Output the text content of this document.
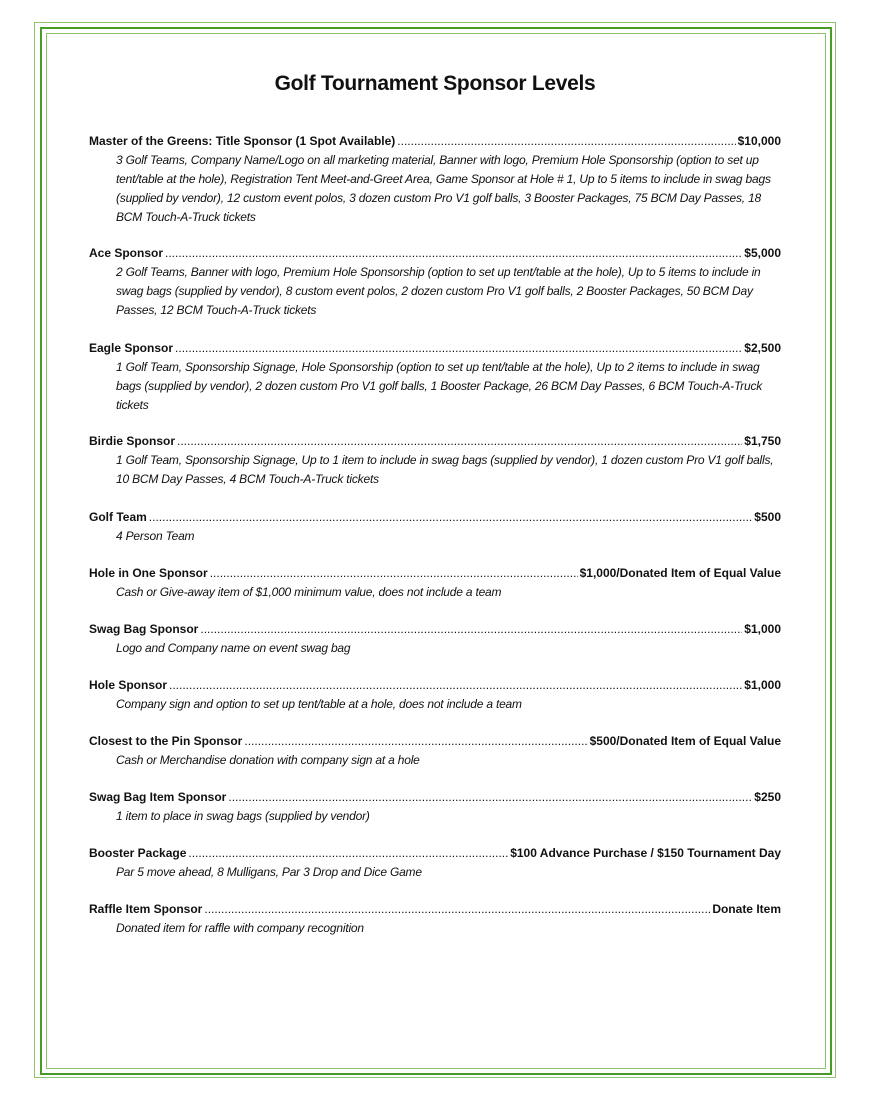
Golf Tournament Sponsor Levels
Master of the Greens: Title Sponsor (1 Spot Available) .....	$10,000
3 Golf Teams, Company Name/Logo on all marketing material, Banner with logo, Premium Hole Sponsorship (option to set up tent/table at the hole), Registration Tent Meet-and-Greet Area, Game Sponsor at Hole # 1, Up to 5 items to include in swag bags (supplied by vendor), 12 custom event polos, 3 dozen custom Pro V1 golf balls, 3 Booster Packages, 75 BCM Day Passes, 18 BCM Touch-A-Truck tickets
Ace Sponsor .....	$5,000
2 Golf Teams, Banner with logo, Premium Hole Sponsorship (option to set up tent/table at the hole), Up to 5 items to include in swag bags (supplied by vendor), 8 custom event polos, 2 dozen custom Pro V1 golf balls, 2 Booster Packages, 50 BCM Day Passes, 12 BCM Touch-A-Truck tickets
Eagle Sponsor .....	$2,500
1 Golf Team, Sponsorship Signage, Hole Sponsorship (option to set up tent/table at the hole), Up to 2 items to include in swag bags (supplied by vendor), 2 dozen custom Pro V1 golf balls, 1 Booster Package, 26 BCM Day Passes, 6 BCM Touch-A-Truck tickets
Birdie Sponsor .....	$1,750
1 Golf Team, Sponsorship Signage, Up to 1 item to include in swag bags (supplied by vendor), 1 dozen custom Pro V1 golf balls, 10 BCM Day Passes, 4 BCM Touch-A-Truck tickets
Golf Team .....	$500
4 Person Team
Hole in One Sponsor .....	$1,000/Donated Item of Equal Value
Cash or Give-away item of $1,000 minimum value, does not include a team
Swag Bag Sponsor .....	$1,000
Logo and Company name on event swag bag
Hole Sponsor .....	$1,000
Company sign and option to set up tent/table at a hole, does not include a team
Closest to the Pin Sponsor .....	$500/Donated Item of Equal Value
Cash or Merchandise donation with company sign at a hole
Swag Bag Item Sponsor .....	$250
1 item to place in swag bags (supplied by vendor)
Booster Package .....	$100 Advance Purchase / $150 Tournament Day
Par 5 move ahead, 8 Mulligans, Par 3 Drop and Dice Game
Raffle Item Sponsor .....	Donate Item
Donated item for raffle with company recognition
